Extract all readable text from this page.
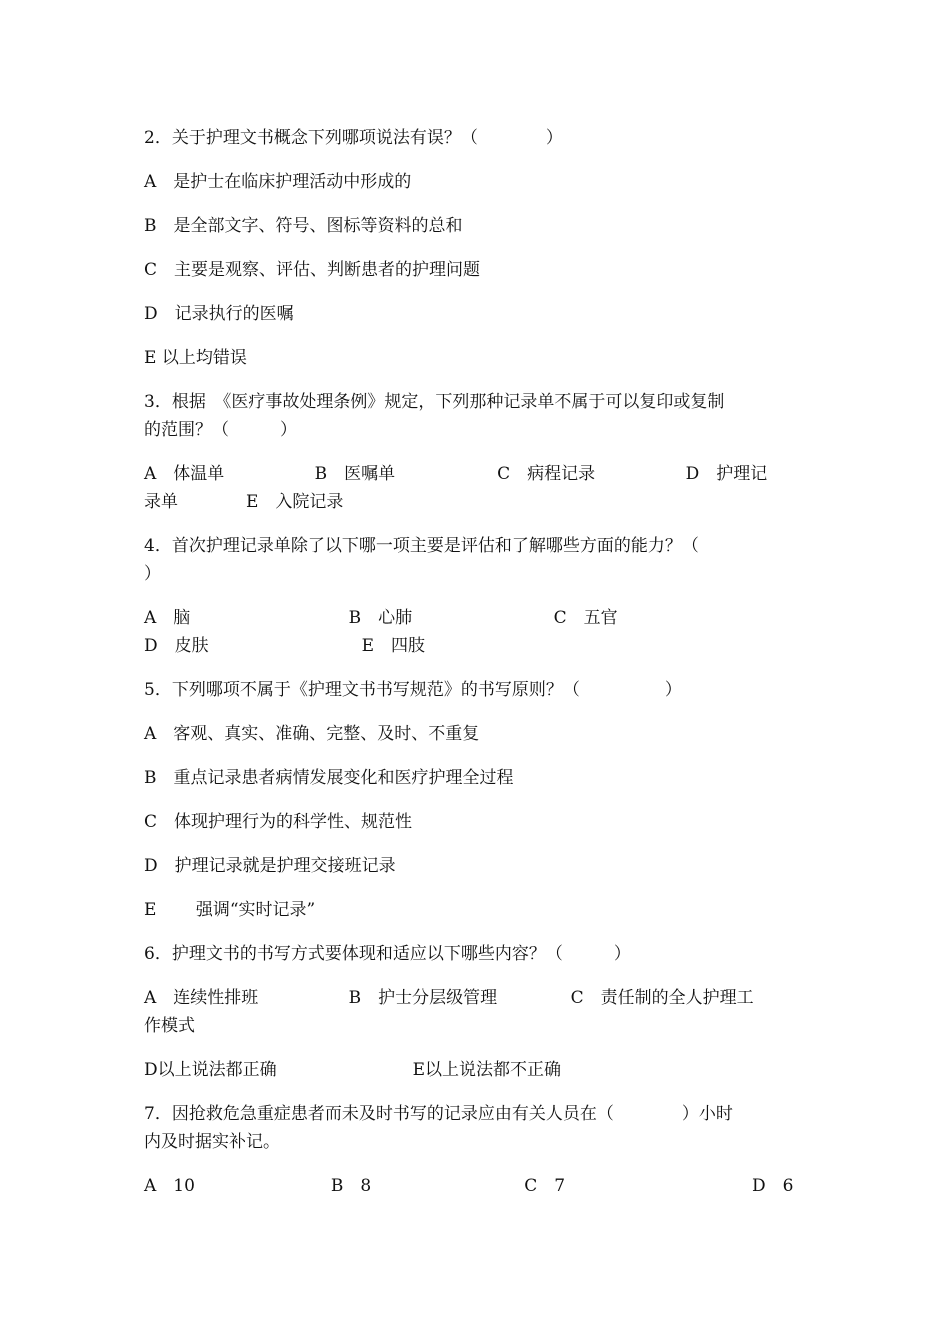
2．关于护理文书概念下列哪项说法有误？（　　　　）

A　是护士在临床护理活动中形成的

B　是全部文字、符号、图标等资料的总和

C　主要是观察、评估、判断患者的护理问题

D　记录执行的医嘱

E 以上均错误

3．根据　《医疗事故处理条例》规定，下列那种记录单不属于可以复印或复制

的范围？（　　　）

A　体温单　　　　　 B　医嘱单　　　　　　C　病程记录　　　　　 D　护理记

录单　　　　E　入院记录

4．首次护理记录单除了以下哪一项主要是评估和了解哪些方面的能力？（

）

A　脑　　　　　　　　　 B　心肺　　　　　　　　 C　五官

D　皮肤　　　　　　　　　E　四肢

5．下列哪项不属于《护理文书书写规范》的书写原则？（　　　　　）

A　客观、真实、准确、完整、及时、不重复

B　重点记录患者病情发展变化和医疗护理全过程

C　体现护理行为的科学性、规范性

D　护理记录就是护理交接班记录

E　　 强调“实时记录”

6．护理文书的书写方式要体现和适应以下哪些内容？（　　　）

A　连续性排班　　　　　 B　护士分层级管理　　　　 C　责任制的全人护理工

作模式

D以上说法都正确　　　　　　　　E以上说法都不正确

7．因抢救危急重症患者而未及时书写的记录应由有关人员在（　　　　）小时

内及时据实补记。

A　10　　　　　　　　B　8　　　　　　　　　C　7　　　　　　　　　　　D　6
